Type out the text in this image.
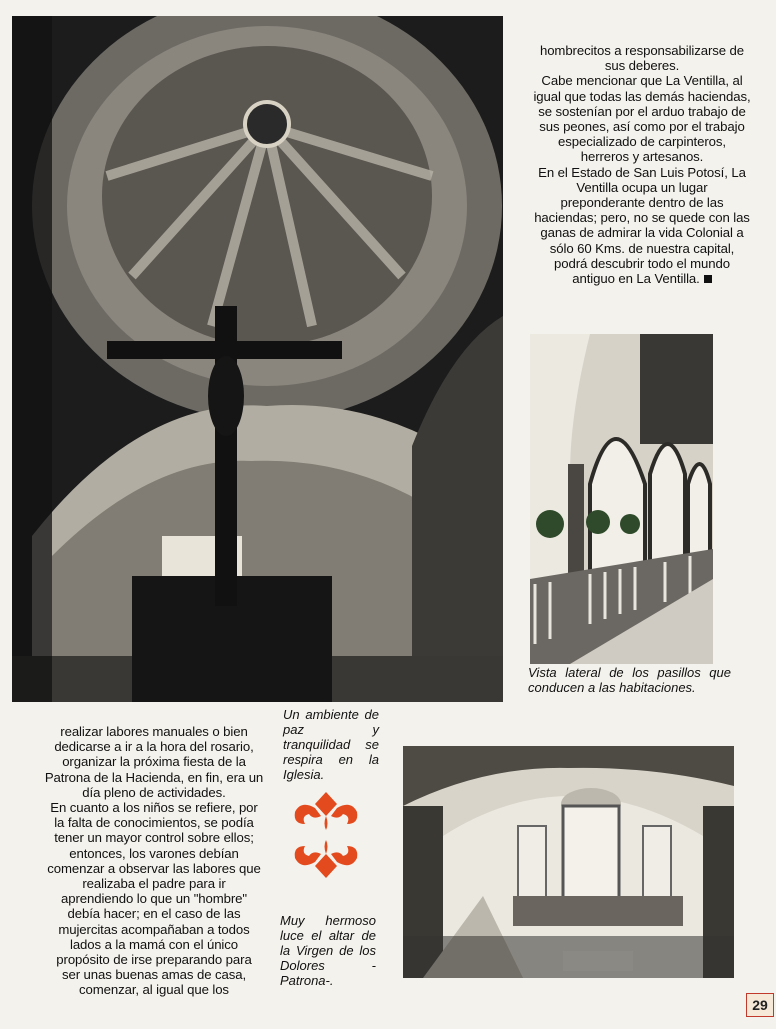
hombrecitos a responsabilizarse de

sus deberes.

Cabe mencionar que La Ventilla, al

igual que todas las demás haciendas,

se sostenían por el arduo trabajo de

sus peones, así como por el trabajo

especializado de carpinteros,

herreros y artesanos.

En el Estado de San Luis Potosí, La

Ventilla ocupa un lugar

preponderante dentro de las

haciendas; pero, no se quede con las

ganas de admirar la vida Colonial a

sólo 60 Kms. de nuestra capital,

podrá descubrir todo el mundo

antiguo en La Ventilla.

Vista lateral de los pasillos que conducen a las habitaciones.
Un ambiente de paz y tranquilidad se respira en la Iglesia.

realizar labores manuales o bien

dedicarse a ir a la hora del rosario,

organizar la próxima fiesta de la

Patrona de la Hacienda, en fin, era un

día pleno de actividades.

En cuanto a los niños se refiere, por

la falta de conocimientos, se podía

tener un mayor control sobre ellos;

entonces, los varones debían

comenzar a observar las labores que

realizaba el padre para ir

aprendiendo lo que un "hombre"

debía hacer; en el caso de las

mujercitas acompañaban a todos

lados a la mamá con el único

propósito de irse preparando para

ser unas buenas amas de casa,

comenzar, al igual que los

Muy hermoso luce el altar de la Virgen de los Dolores -Patrona-.
29
